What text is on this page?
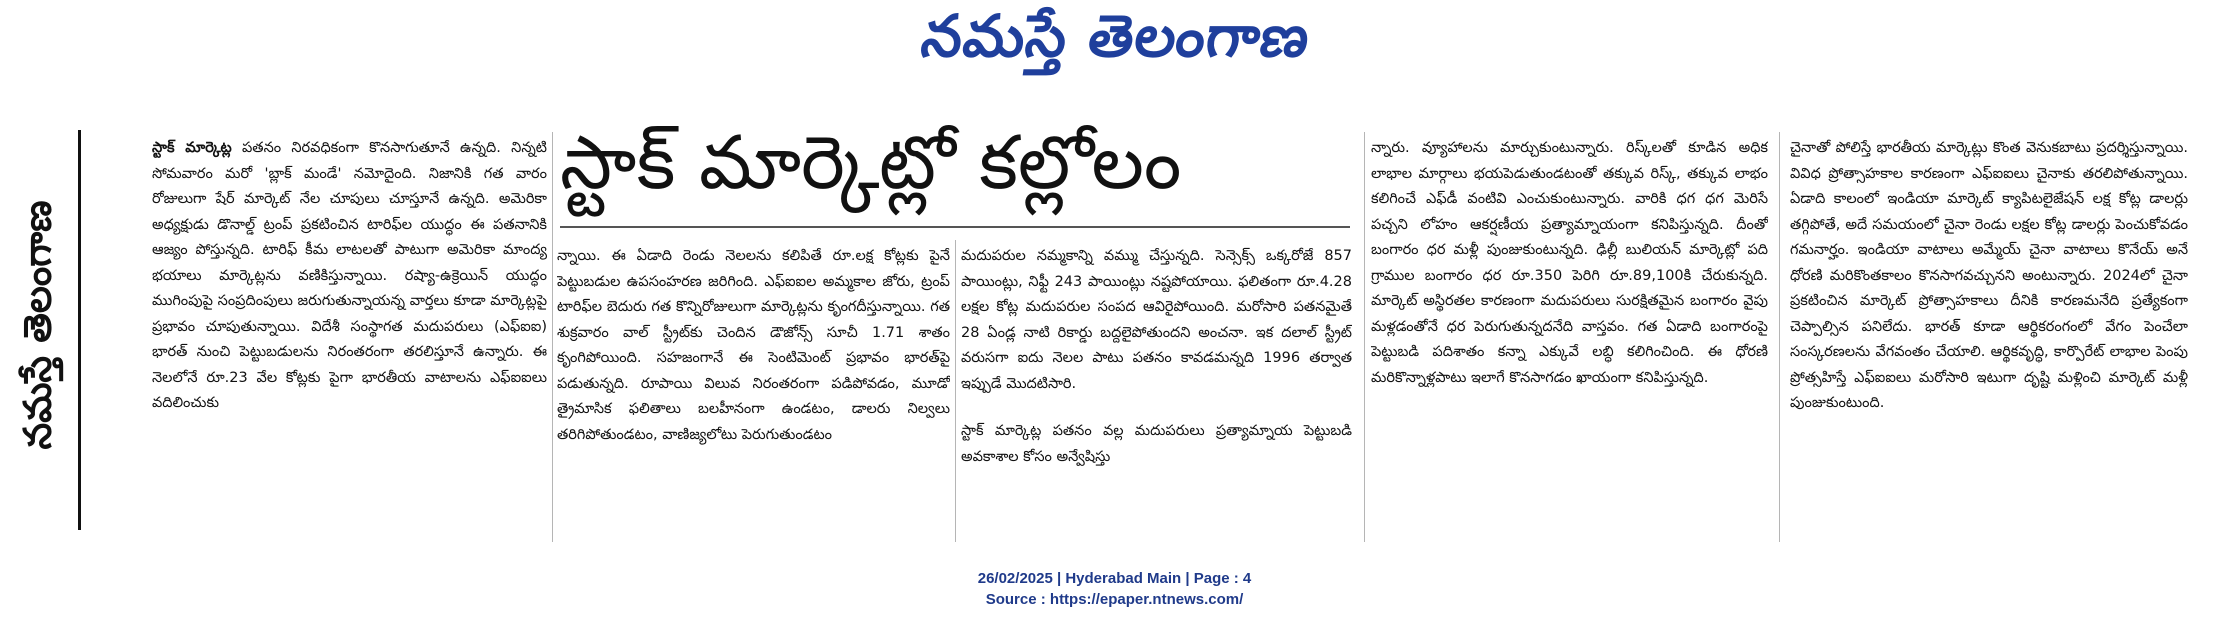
నమస్తే తెలంగాణ
నమస్తే తెలంగాణ
స్టాక్ మార్కెట్లో కల్లోలం
స్టాక్ మార్కెట్ల పతనం నిరవధికంగా కొనసాగుతూనే ఉన్నది. నిన్నటి సోమవారం మరో 'బ్లాక్ మండే' నమోదైంది. నిజానికి గత వారం రోజులుగా షేర్ మార్కెట్ నేల చూపులు చూస్తూనే ఉన్నది. అమెరికా అధ్యక్షుడు డొనాల్డ్ ట్రంప్ ప్రకటించిన టారిఫ్‌ల యుద్ధం ఈ పతనానికి ఆజ్యం పోస్తున్నది. టారిఫ్ కీమ లాటలతో పాటుగా అమెరికా మాంద్య భయాలు మార్కెట్లను వణికిస్తున్నాయి. రష్యా-ఉక్రెయిన్ యుద్ధం ముగింపుపై సంప్రదింపులు జరుగుతున్నాయన్న వార్తలు కూడా మార్కెట్లపై ప్రభావం చూపుతున్నాయి. విదేశీ సంస్థాగత మదుపరులు (ఎఫ్ఐఐ) భారత్ నుంచి పెట్టుబడులను నిరంతరంగా తరలిస్తూనే ఉన్నారు. ఈ నెలలోనే రూ.23 వేల కోట్లకు పైగా భారతీయ వాటాలను ఎఫ్ఐఐలు వదిలించుకు

న్నాయి. ఈ ఏడాది రెండు నెలలను కలిపితే రూ.లక్ష కోట్లకు పైనే పెట్టుబడుల ఉపసంహరణ జరిగింది. ఎఫ్ఐఐల అమ్మకాల జోరు, ట్రంప్ టారిఫ్‌ల బెదురు గత కొన్నిరోజులుగా మార్కెట్లను కృంగదీస్తున్నాయి. గత శుక్రవారం వాల్ స్ట్రీట్‌కు చెందిన డౌజోన్స్ సూచీ 1.71 శాతం కృంగిపోయింది. సహజంగానే ఈ సెంటిమెంట్ ప్రభావం భారత్‌పై పడుతున్నది. రూపాయి విలువ నిరంతరంగా పడిపోవడం, మూడో త్రైమాసిక ఫలితాలు బలహీనంగా ఉండటం, డాలరు నిల్వలు తరిగిపోతుండటం, వాణిజ్యలోటు పెరుగుతుండటం

మదుపరుల నమ్మకాన్ని వమ్ము చేస్తున్నది. సెన్సెక్స్ ఒక్కరోజే 857 పాయింట్లు, నిఫ్టీ 243 పాయింట్లు నష్టపోయాయి. ఫలితంగా రూ.4.28 లక్షల కోట్ల మదుపరుల సంపద ఆవిరైపోయింది. మరోసారి పతనమైతే 28 ఏండ్ల నాటి రికార్డు బద్దలైపోతుందని అంచనా. ఇక దలాల్ స్ట్రీట్ వరుసగా ఐదు నెలల పాటు పతనం కావడమన్నది 1996 తర్వాత ఇప్పుడే మొదటిసారి.

స్టాక్ మార్కెట్ల పతనం వల్ల మదుపరులు ప్రత్యామ్నాయ పెట్టుబడి అవకాశాల కోసం అన్వేషిస్తు

న్నారు. వ్యూహాలను మార్చుకుంటున్నారు. రిస్క్‌లతో కూడిన అధిక లాభాల మార్గాలు భయపెడుతుండటంతో తక్కువ రిస్క్, తక్కువ లాభం కలిగించే ఎఫ్‌డీ వంటివి ఎంచుకుంటున్నారు. వారికి ధగ ధగ మెరిసే పచ్చని లోహం ఆకర్షణీయ ప్రత్యామ్నాయంగా కనిపిస్తున్నది. దీంతో బంగారం ధర మళ్లీ పుంజుకుంటున్నది. ఢిల్లీ బులియన్ మార్కెట్లో పది గ్రాముల బంగారం ధర రూ.350 పెరిగి రూ.89,100కి చేరుకున్నది. మార్కెట్ అస్థిరతల కారణంగా మదుపరులు సురక్షితమైన బంగారం వైపు మళ్లడంతోనే ధర పెరుగుతున్నదనేది వాస్తవం. గత ఏడాది బంగారంపై పెట్టుబడి పదిశాతం కన్నా ఎక్కువే లబ్ధి కలిగించింది. ఈ ధోరణి మరికొన్నాళ్లపాటు ఇలాగే కొనసాగడం ఖాయంగా కనిపిస్తున్నది.

చైనాతో పోలిస్తే భారతీయ మార్కెట్లు కొంత వెనుకబాటు ప్రదర్శిస్తున్నాయి. వివిధ ప్రోత్సాహకాల కారణంగా ఎఫ్ఐఐలు చైనాకు తరలిపోతున్నాయి. ఏడాది కాలంలో ఇండియా మార్కెట్ క్యాపిటలైజేషన్ లక్ష కోట్ల డాలర్లు తగ్గిపోతే, అదే సమయంలో చైనా రెండు లక్షల కోట్ల డాలర్లు పెంచుకోవడం గమనార్హం. ఇండియా వాటాలు అమ్మేయ్ చైనా వాటాలు కొనేయ్ అనే ధోరణి మరికొంతకాలం కొనసాగవచ్చునని అంటున్నారు. 2024లో చైనా ప్రకటించిన మార్కెట్ ప్రోత్సాహకాలు దీనికి కారణమనేది ప్రత్యేకంగా చెప్పాల్సిన పనిలేదు. భారత్ కూడా ఆర్థికరంగంలో వేగం పెంచేలా సంస్కరణలను వేగవంతం చేయాలి. ఆర్థికవృద్ధి, కార్పొరేట్ లాభాల పెంపు ప్రోత్సహిస్తే ఎఫ్ఐఐలు మరోసారి ఇటుగా దృష్టి మళ్లించి మార్కెట్ మళ్లీ పుంజుకుంటుంది.

26/02/2025 | Hyderabad Main | Page : 4
Source : https://epaper.ntnews.com/
